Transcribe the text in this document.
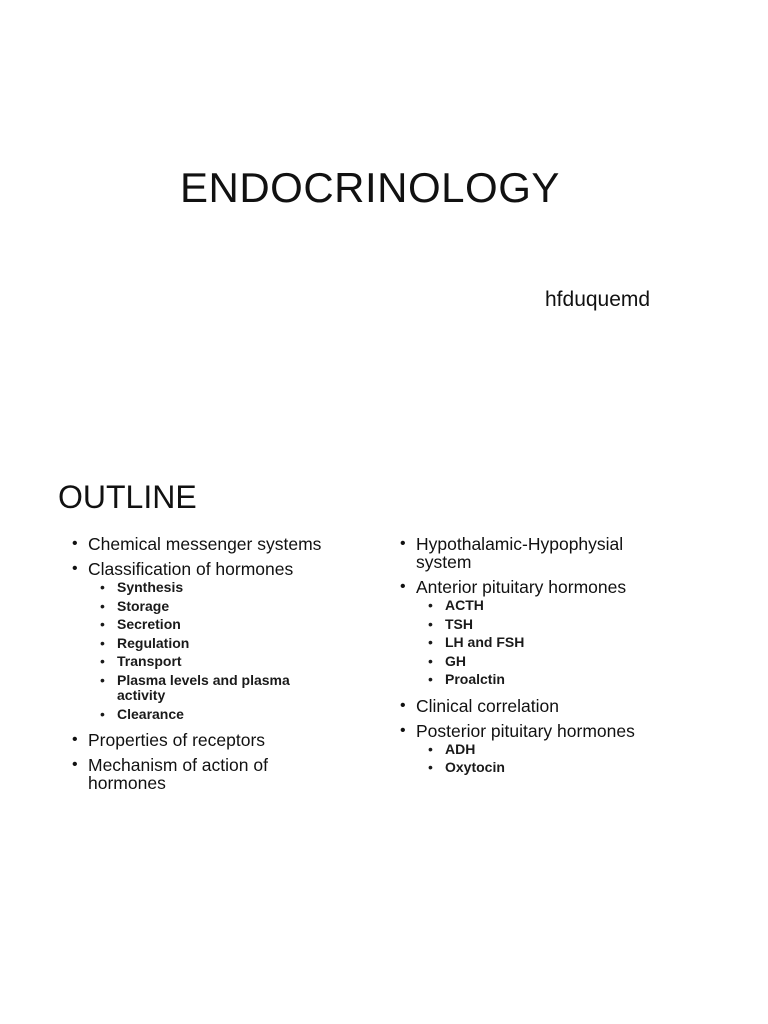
ENDOCRINOLOGY
hfduquemd
OUTLINE
• Chemical messenger systems
• Classification of hormones
• Synthesis
• Storage
• Secretion
• Regulation
• Transport
• Plasma levels and plasma activity
• Clearance
• Properties of receptors
• Mechanism of action of hormones
• Hypothalamic-Hypophysial system
• Anterior pituitary hormones
• ACTH
• TSH
• LH and FSH
• GH
• Proalctin
• Clinical correlation
• Posterior pituitary hormones
• ADH
• Oxytocin
